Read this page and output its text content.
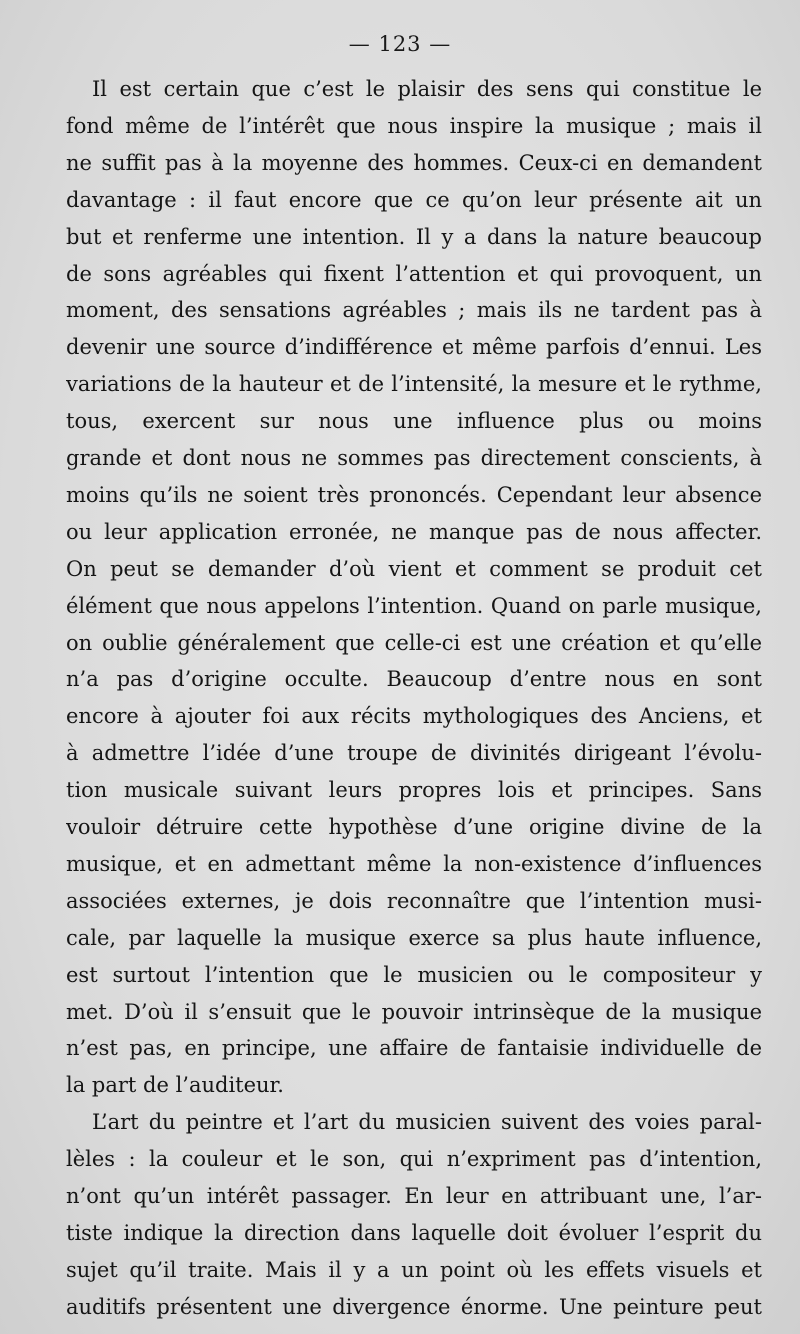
— 123 —
Il est certain que c’est le plaisir des sens qui constitue le
fond même de l’intérêt que nous inspire la musique ; mais il
ne suffit pas à la moyenne des hommes. Ceux-ci en demandent
davantage : il faut encore que ce qu’on leur présente ait un
but et renferme une intention. Il y a dans la nature beaucoup
de sons agréables qui fixent l’attention et qui provoquent, un
moment, des sensations agréables ; mais ils ne tardent pas à
devenir une source d’indifférence et même parfois d’ennui. Les
variations de la hauteur et de l’intensité, la mesure et le rythme,
tous, exercent sur nous une influence plus ou moins
grande et dont nous ne sommes pas directement conscients, à
moins qu’ils ne soient très prononcés. Cependant leur absence
ou leur application erronée, ne manque pas de nous affecter.
On peut se demander d’où vient et comment se produit cet
élément que nous appelons l’intention. Quand on parle musique,
on oublie généralement que celle-ci est une création et qu’elle
n’a pas d’origine occulte. Beaucoup d’entre nous en sont
encore à ajouter foi aux récits mythologiques des Anciens, et
à admettre l’idée d’une troupe de divinités dirigeant l’évolu-
tion musicale suivant leurs propres lois et principes. Sans
vouloir détruire cette hypothèse d’une origine divine de la
musique, et en admettant même la non-existence d’influences
associées externes, je dois reconnaître que l’intention musi-
cale, par laquelle la musique exerce sa plus haute influence,
est surtout l’intention que le musicien ou le compositeur y
met. D’où il s’ensuit que le pouvoir intrinsèque de la musique
n’est pas, en principe, une affaire de fantaisie individuelle de
la part de l’auditeur.
L’art du peintre et l’art du musicien suivent des voies paral-
lèles : la couleur et le son, qui n’expriment pas d’intention,
n’ont qu’un intérêt passager. En leur en attribuant une, l’ar-
tiste indique la direction dans laquelle doit évoluer l’esprit du
sujet qu’il traite. Mais il y a un point où les effets visuels et
auditifs présentent une divergence énorme. Une peinture peut
